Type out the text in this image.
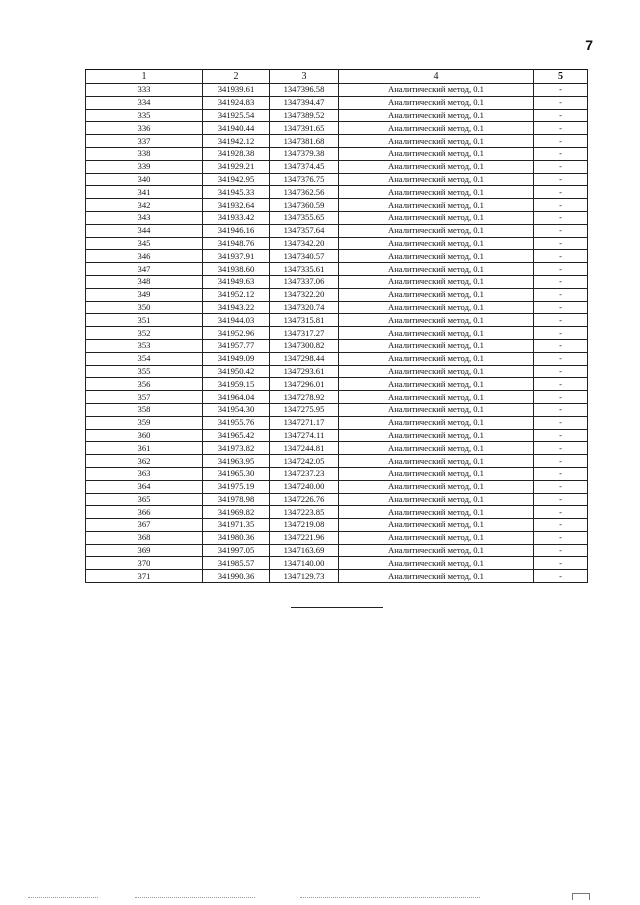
7
1	2	3	4	5
333	341939.61	1347396.58	Аналитический метод, 0.1	-
334	341924.83	1347394.47	Аналитический метод, 0.1	-
335	341925.54	1347389.52	Аналитический метод, 0.1	-
336	341940.44	1347391.65	Аналитический метод, 0.1	-
337	341942.12	1347381.68	Аналитический метод, 0.1	-
338	341928.38	1347379.38	Аналитический метод, 0.1	-
339	341929.21	1347374.45	Аналитический метод, 0.1	-
340	341942.95	1347376.75	Аналитический метод, 0.1	-
341	341945.33	1347362.56	Аналитический метод, 0.1	-
342	341932.64	1347360.59	Аналитический метод, 0.1	-
343	341933.42	1347355.65	Аналитический метод, 0.1	-
344	341946.16	1347357.64	Аналитический метод, 0.1	-
345	341948.76	1347342.20	Аналитический метод, 0.1	-
346	341937.91	1347340.57	Аналитический метод, 0.1	-
347	341938.60	1347335.61	Аналитический метод, 0.1	-
348	341949.63	1347337.06	Аналитический метод, 0.1	-
349	341952.12	1347322.20	Аналитический метод, 0.1	-
350	341943.22	1347320.74	Аналитический метод, 0.1	-
351	341944.03	1347315.81	Аналитический метод, 0.1	-
352	341952.96	1347317.27	Аналитический метод, 0.1	-
353	341957.77	1347300.82	Аналитический метод, 0.1	-
354	341949.09	1347298.44	Аналитический метод, 0.1	-
355	341950.42	1347293.61	Аналитический метод, 0.1	-
356	341959.15	1347296.01	Аналитический метод, 0.1	-
357	341964.04	1347278.92	Аналитический метод, 0.1	-
358	341954.30	1347275.95	Аналитический метод, 0.1	-
359	341955.76	1347271.17	Аналитический метод, 0.1	-
360	341965.42	1347274.11	Аналитический метод, 0.1	-
361	341973.82	1347244.81	Аналитический метод, 0.1	-
362	341963.95	1347242.05	Аналитический метод, 0.1	-
363	341965.30	1347237.23	Аналитический метод, 0.1	-
364	341975.19	1347240.00	Аналитический метод, 0.1	-
365	341978.98	1347226.76	Аналитический метод, 0.1	-
366	341969.82	1347223.85	Аналитический метод, 0.1	-
367	341971.35	1347219.08	Аналитический метод, 0.1	-
368	341980.36	1347221.96	Аналитический метод, 0.1	-
369	341997.05	1347163.69	Аналитический метод, 0.1	-
370	341985.57	1347140.00	Аналитический метод, 0.1	-
371	341990.36	1347129.73	Аналитический метод, 0.1	-
